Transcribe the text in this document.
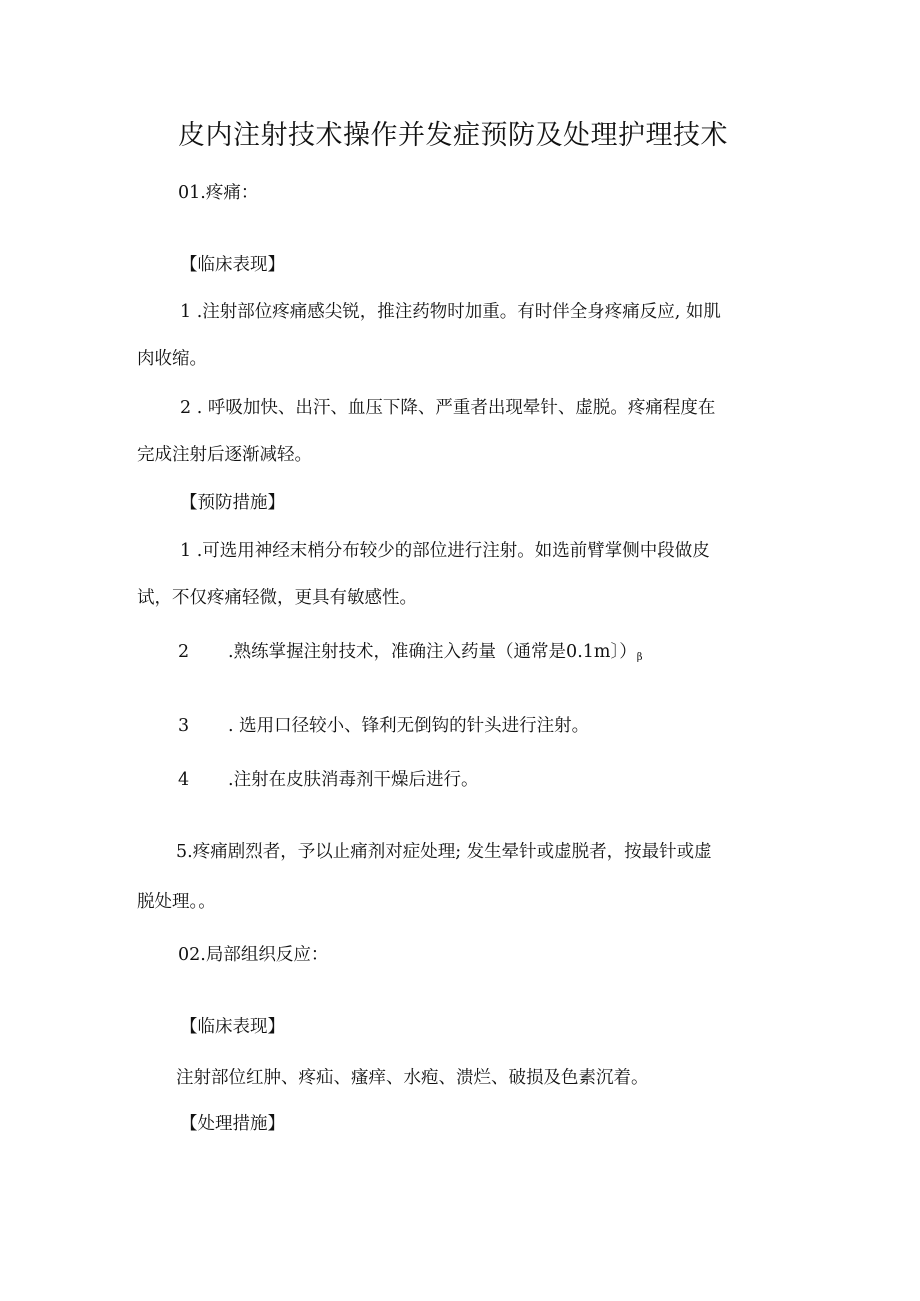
皮内注射技术操作并发症预防及处理护理技术
01.疼痛：
【临床表现】
1 .注射部位疼痛感尖锐，推注药物时加重。有时伴全身疼痛反应, 如肌
肉收缩。
2 . 呼吸加快、出汗、血压下降、严重者出现晕针、虚脱。疼痛程度在
完成注射后逐渐减轻。
【预防措施】
1 .可选用神经末梢分布较少的部位进行注射。如选前臂掌侧中段做皮
试，不仅疼痛轻微，更具有敏感性。
2 .熟练掌握注射技术，准确注入药量（通常是0.1m〕）$_\beta$
3 . 选用口径较小、锋利无倒钩的针头进行注射。
4 .注射在皮肤消毒剂干燥后进行。
5.疼痛剧烈者，予以止痛剂对症处理; 发生晕针或虚脱者，按最针或虚
脱处理。。
02.局部组织反应：
【临床表现】
注射部位红肿、疼疝、瘙痒、水疱、溃烂、破损及色素沉着。
【处理措施】
